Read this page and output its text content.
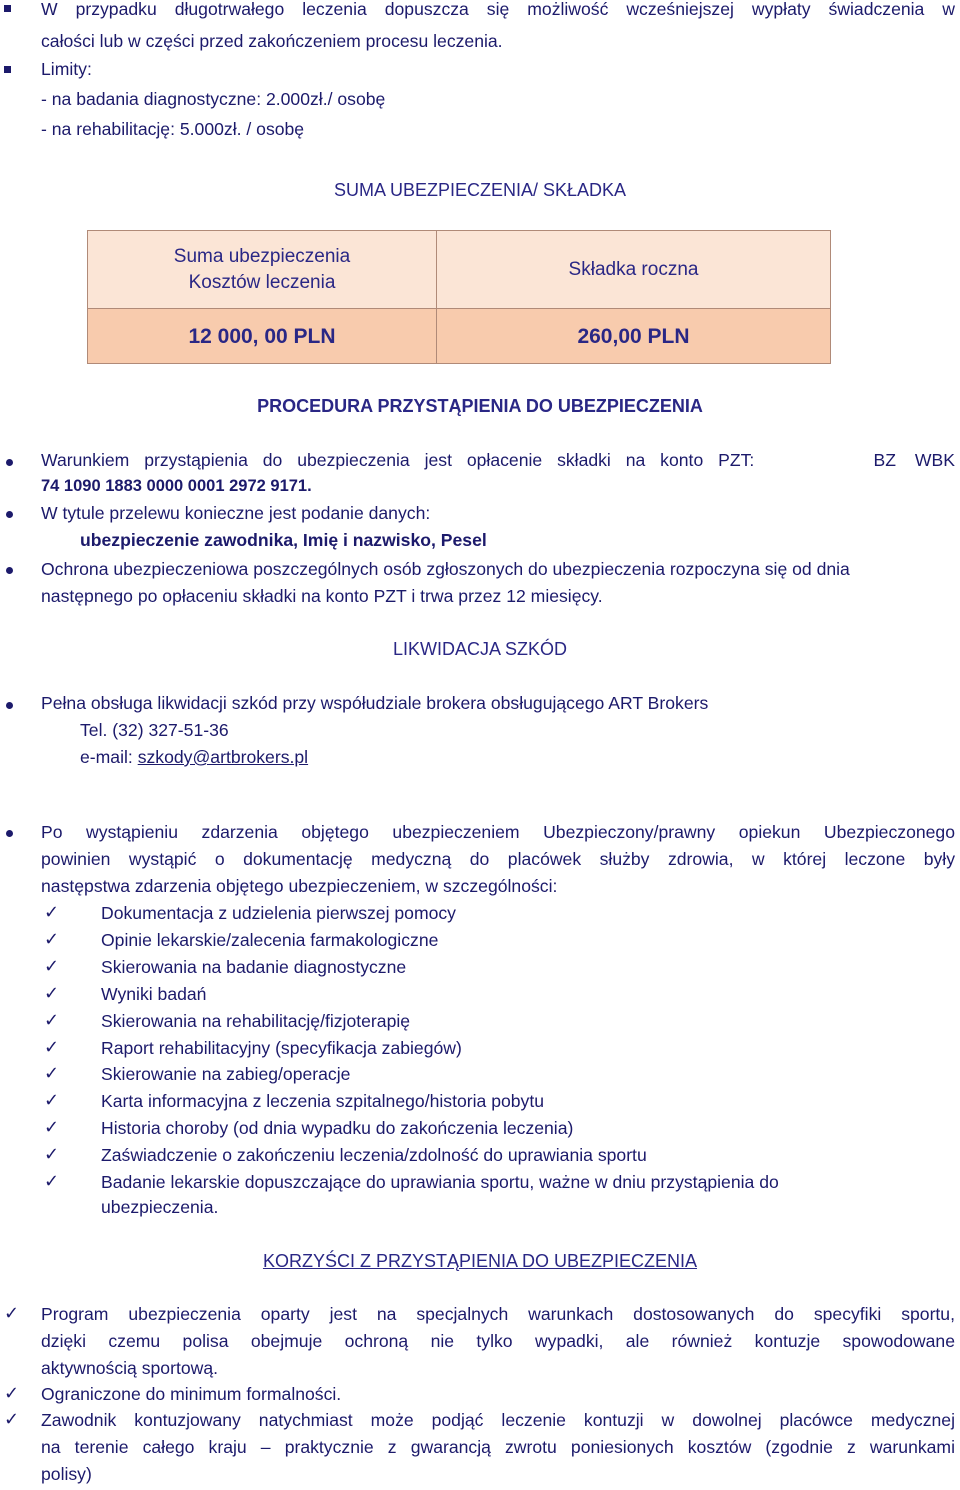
W przypadku długotrwałego leczenia dopuszcza się możliwość wcześniejszej wypłaty świadczenia w
całości lub w części przed zakończeniem procesu leczenia.
Limity:
- na badania diagnostyczne: 2.000zł./ osobę
- na rehabilitację: 5.000zł. / osobę
SUMA UBEZPIECZENIA/ SKŁADKA
Suma ubezpieczenia
Kosztów leczenia
Składka roczna
12 000, 00 PLN	260,00 PLN
PROCEDURA PRZYSTĄPIENIA DO UBEZPIECZENIA
Warunkiem przystąpienia do ubezpieczenia jest opłacenie składki na konto PZT:	BZ WBK
74 1090 1883 0000 0001 2972 9171.
W tytule przelewu konieczne jest podanie danych:
ubezpieczenie zawodnika, Imię i nazwisko, Pesel
Ochrona ubezpieczeniowa poszczególnych osób zgłoszonych do ubezpieczenia rozpoczyna się od dnia
następnego po opłaceniu składki na konto PZT i trwa przez 12 miesięcy.
LIKWIDACJA SZKÓD
Pełna obsługa likwidacji szkód przy współudziale brokera obsługującego ART Brokers
Tel. (32) 327-51-36
e-mail: szkody@artbrokers.pl
Po wystąpieniu zdarzenia objętego ubezpieczeniem Ubezpieczony/prawny opiekun Ubezpieczonego
powinien wystąpić o dokumentację medyczną do placówek służby zdrowia, w której leczone były
następstwa zdarzenia objętego ubezpieczeniem, w szczególności:
✓ Dokumentacja z udzielenia pierwszej pomocy
✓ Opinie lekarskie/zalecenia farmakologiczne
✓ Skierowania na badanie diagnostyczne
✓ Wyniki badań
✓ Skierowania na rehabilitację/fizjoterapię
✓ Raport rehabilitacyjny (specyfikacja zabiegów)
✓ Skierowanie na zabieg/operacje
✓ Karta informacyjna z leczenia szpitalnego/historia pobytu
✓ Historia choroby (od dnia wypadku do zakończenia leczenia)
✓ Zaświadczenie o zakończeniu leczenia/zdolność do uprawiania sportu
✓ Badanie lekarskie dopuszczające do uprawiania sportu, ważne w dniu przystąpienia do
ubezpieczenia.
KORZYŚCI Z PRZYSTĄPIENIA DO UBEZPIECZENIA
✓ Program ubezpieczenia oparty jest na specjalnych warunkach dostosowanych do specyfiki sportu,
dzięki czemu polisa obejmuje ochroną nie tylko wypadki, ale również kontuzje spowodowane
aktywnością sportową.
✓ Ograniczone do minimum formalności.
✓ Zawodnik kontuzjowany natychmiast może podjąć leczenie kontuzji w dowolnej placówce medycznej
na terenie całego kraju – praktycznie z gwarancją zwrotu poniesionych kosztów (zgodnie z warunkami
polisy)
